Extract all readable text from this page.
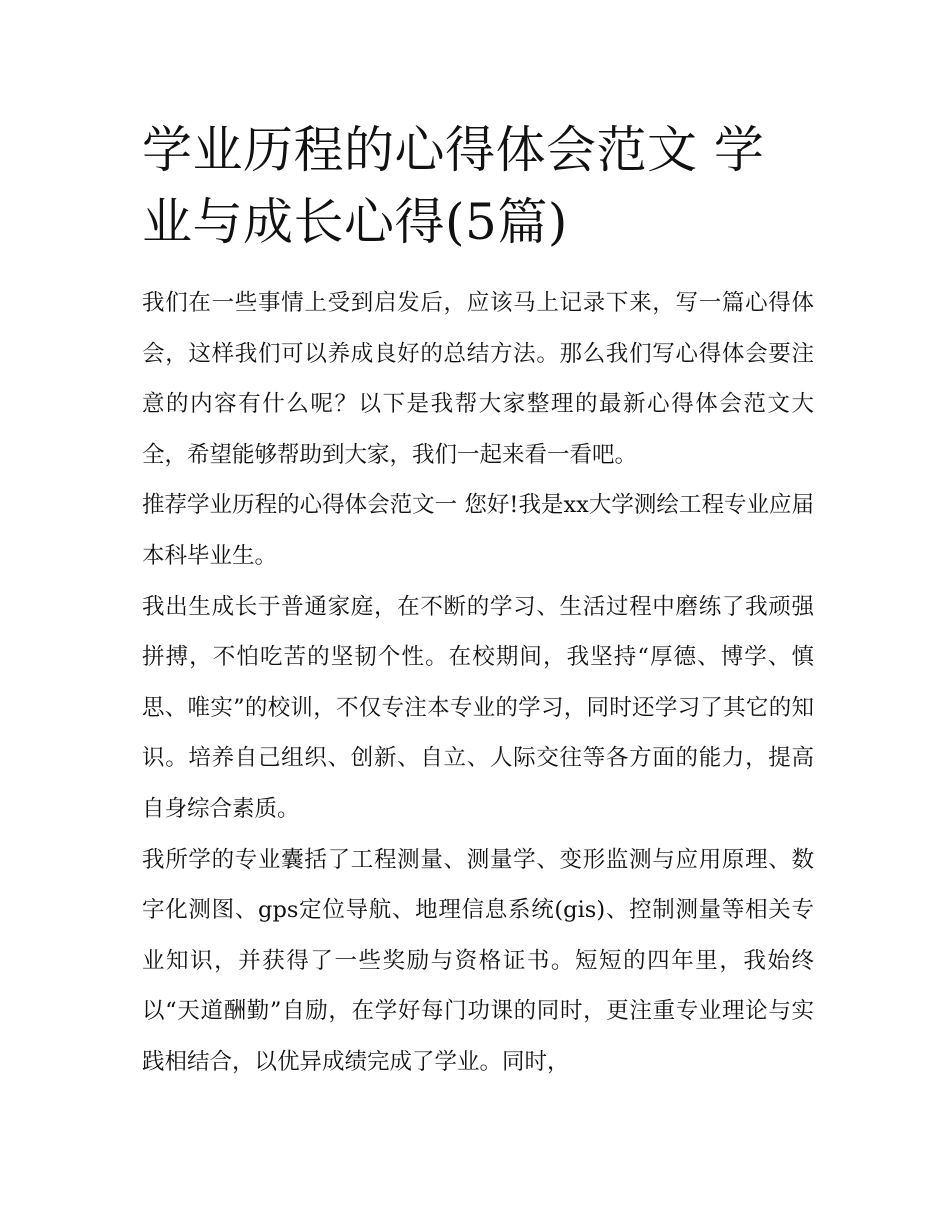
学业历程的心得体会范文 学业与成长心得(5篇)

我们在一些事情上受到启发后，应该马上记录下来，写一篇心得体会，这样我们可以养成良好的总结方法。那么我们写心得体会要注意的内容有什么呢？以下是我帮大家整理的最新心得体会范文大全，希望能够帮助到大家，我们一起来看一看吧。

推荐学业历程的心得体会范文一 您好!我是xx大学测绘工程专业应届本科毕业生。

我出生成长于普通家庭，在不断的学习、生活过程中磨练了我顽强拼搏，不怕吃苦的坚韧个性。在校期间，我坚持“厚德、博学、慎思、唯实”的校训，不仅专注本专业的学习，同时还学习了其它的知识。培养自己组织、创新、自立、人际交往等各方面的能力，提高自身综合素质。

我所学的专业囊括了工程测量、测量学、变形监测与应用原理、数字化测图、gps定位导航、地理信息系统(gis)、控制测量等相关专业知识，并获得了一些奖励与资格证书。短短的四年里，我始终以“天道酬勤”自励，在学好每门功课的同时，更注重专业理论与实践相结合，以优异成绩完成了学业。同时，
